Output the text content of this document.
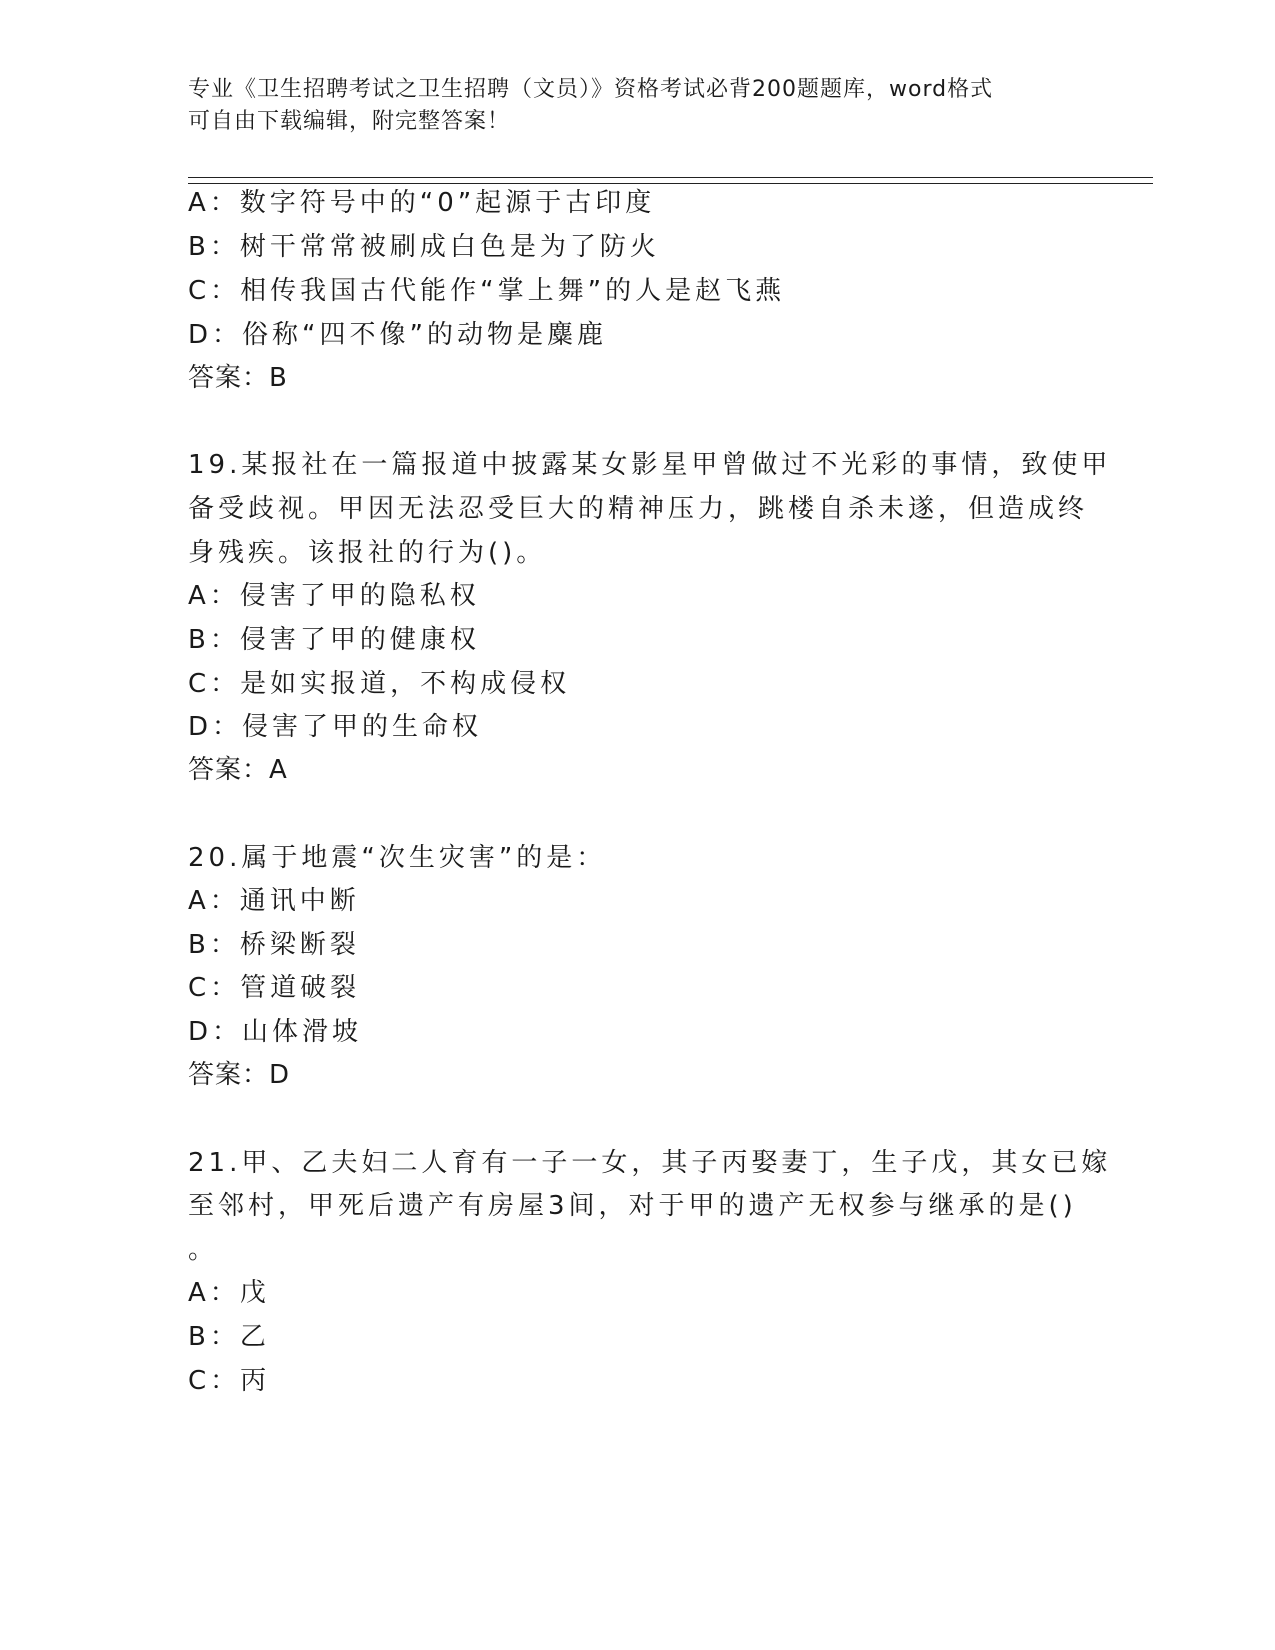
专业《卫生招聘考试之卫生招聘（文员）》资格考试必背200题题库，word格式
可自由下载编辑，附完整答案！
A：数字符号中的“0”起源于古印度
B：树干常常被刷成白色是为了防火
C：相传我国古代能作“掌上舞”的人是赵飞燕
D：俗称“四不像”的动物是麋鹿
答案：B
19.某报社在一篇报道中披露某女影星甲曾做过不光彩的事情，致使甲
备受歧视。甲因无法忍受巨大的精神压力，跳楼自杀未遂，但造成终
身残疾。该报社的行为()。
A：侵害了甲的隐私权
B：侵害了甲的健康权
C：是如实报道，不构成侵权
D：侵害了甲的生命权
答案：A
20.属于地震“次生灾害”的是：
A：通讯中断
B：桥梁断裂
C：管道破裂
D：山体滑坡
答案：D
21.甲、乙夫妇二人育有一子一女，其子丙娶妻丁，生子戊，其女已嫁
至邻村，甲死后遗产有房屋3间，对于甲的遗产无权参与继承的是()
。
A：戊
B：乙
C：丙
